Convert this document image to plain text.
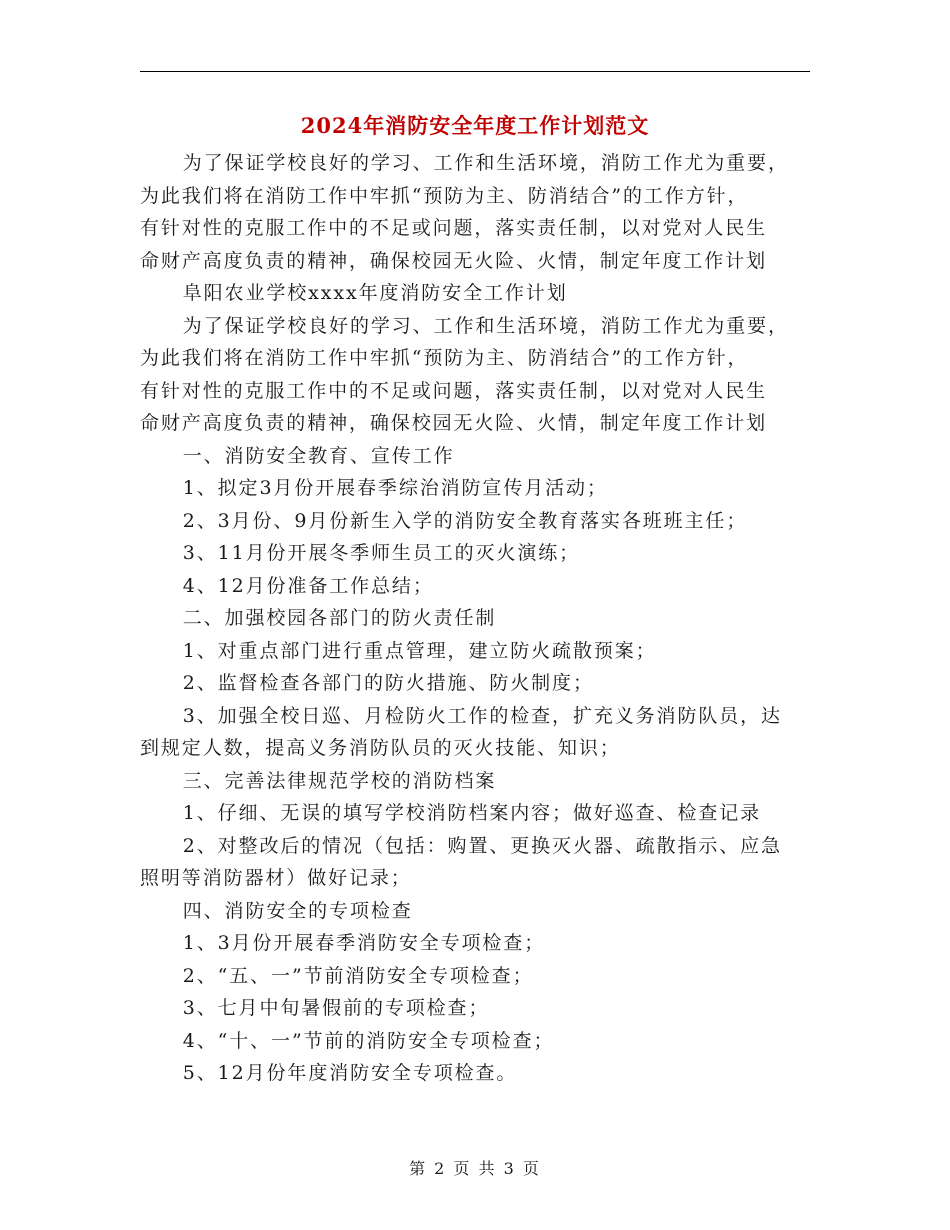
2024年消防安全年度工作计划范文

为了保证学校良好的学习、工作和生活环境，消防工作尤为重要，
为此我们将在消防工作中牢抓“预防为主、防消结合”的工作方针，
有针对性的克服工作中的不足或问题，落实责任制，以对党对人民生
命财产高度负责的精神，确保校园无火险、火情，制定年度工作计划

阜阳农业学校xxxx年度消防安全工作计划

为了保证学校良好的学习、工作和生活环境，消防工作尤为重要，
为此我们将在消防工作中牢抓“预防为主、防消结合”的工作方针，
有针对性的克服工作中的不足或问题，落实责任制，以对党对人民生
命财产高度负责的精神，确保校园无火险、火情，制定年度工作计划

一、消防安全教育、宣传工作

1、拟定3月份开展春季综治消防宣传月活动；

2、3月份、9月份新生入学的消防安全教育落实各班班主任；

3、11月份开展冬季师生员工的灭火演练；

4、12月份准备工作总结；

二、加强校园各部门的防火责任制

1、对重点部门进行重点管理，建立防火疏散预案；

2、监督检查各部门的防火措施、防火制度；

3、加强全校日巡、月检防火工作的检查，扩充义务消防队员，达
到规定人数，提高义务消防队员的灭火技能、知识；

三、完善法律规范学校的消防档案

1、仔细、无误的填写学校消防档案内容；做好巡查、检查记录

2、对整改后的情况（包括：购置、更换灭火器、疏散指示、应急
照明等消防器材）做好记录；

四、消防安全的专项检查

1、3月份开展春季消防安全专项检查；

2、“五、一”节前消防安全专项检查；

3、七月中旬暑假前的专项检查；

4、“十、一”节前的消防安全专项检查；

5、12月份年度消防安全专项检查。

第 2 页 共 3 页
